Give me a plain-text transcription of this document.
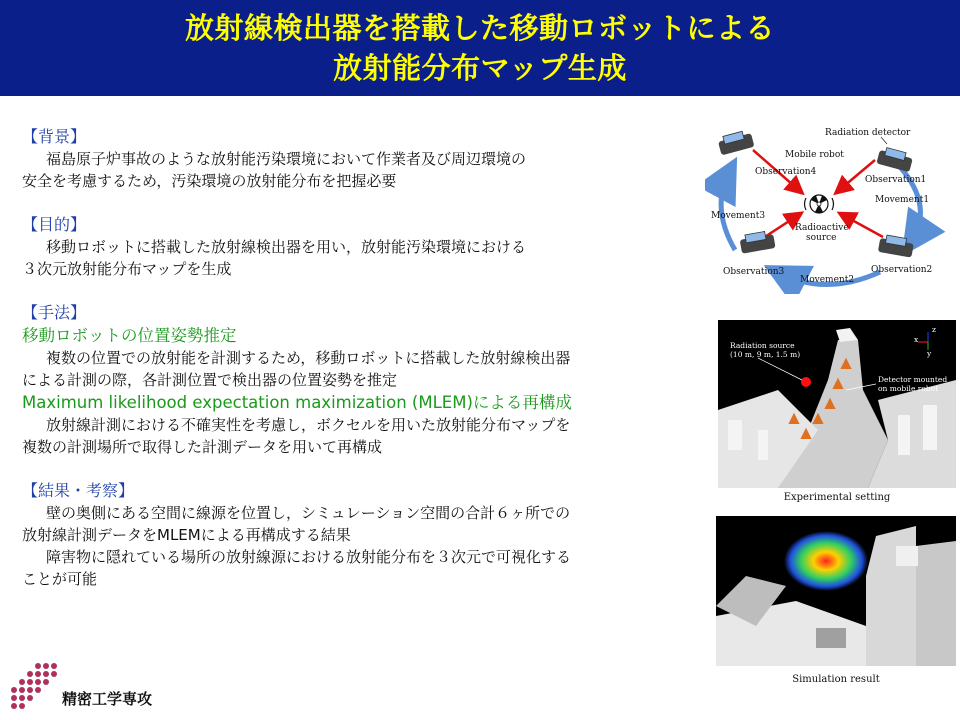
放射線検出器を搭載した移動ロボットによる
放射能分布マップ生成
【背景】
福島原子炉事故のような放射能汚染環境において作業者及び周辺環境の
安全を考慮するため，汚染環境の放射能分布を把握必要
【目的】
移動ロボットに搭載した放射線検出器を用い，放射能汚染環境における
３次元放射能分布マップを生成
【手法】
移動ロボットの位置姿勢推定
複数の位置での放射能を計測するため，移動ロボットに搭載した放射線検出器
による計測の際，各計測位置で検出器の位置姿勢を推定
Maximum likelihood expectation maximization (MLEM)による再構成
放射線計測における不確実性を考慮し，ボクセルを用いた放射能分布マップを
複数の計測場所で取得した計測データを用いて再構成
【結果・考察】
壁の奥側にある空間に線源を位置し，シミュレーション空間の合計６ヶ所での
放射線計測データをMLEMによる再構成する結果
障害物に隠れている場所の放射線源における放射能分布を３次元で可視化する
ことが可能
Radiation detector
Mobile robot
Observation4
Observation1
Movement1
Movement3
Radioactive
source
Observation3	Observation2
Movement2
Radiation source
(10 m, 9 m, 1.5 m)
Detector mounted
on mobile robot
z
x
y
Experimental setting
Simulation result
精密工学専攻
